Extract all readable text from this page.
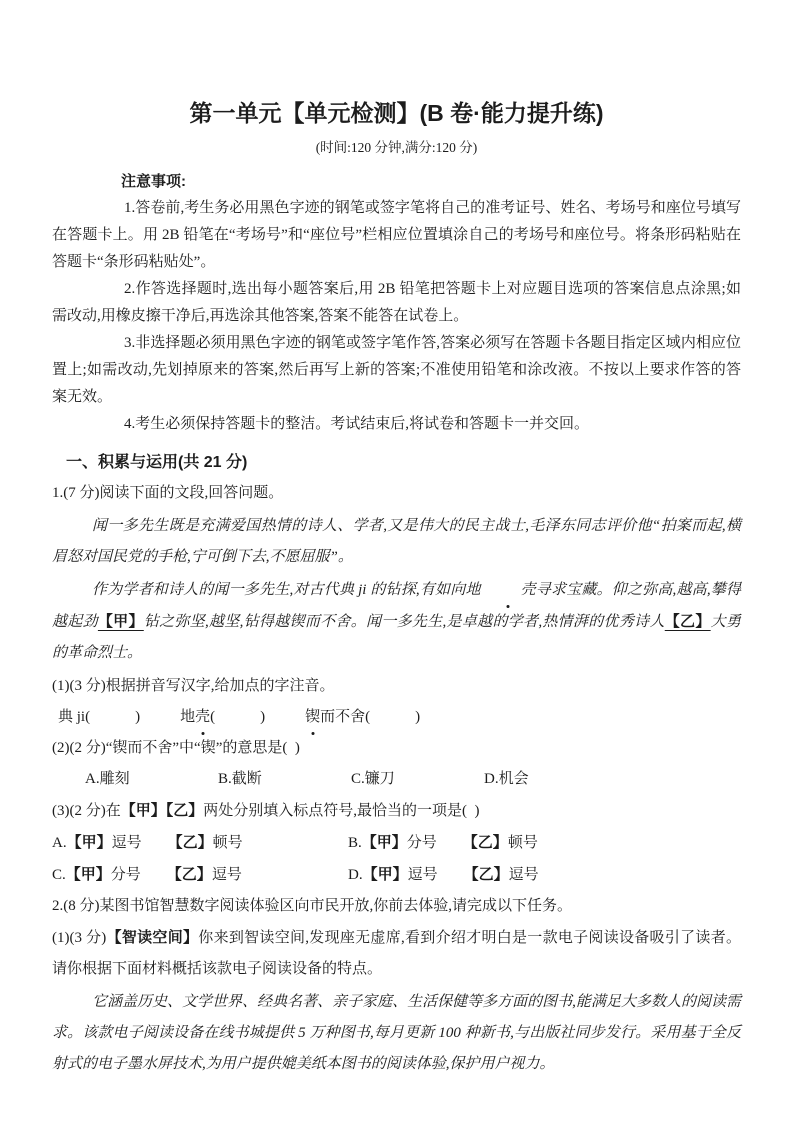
第一单元【单元检测】(B 卷·能力提升练)

(时间:120 分钟,满分:120 分)

注意事项:

1.答卷前,考生务必用黑色字迹的钢笔或签字笔将自己的准考证号、姓名、考场号和座位号填写在答题卡上。用 2B 铅笔在“考场号”和“座位号”栏相应位置填涂自己的考场号和座位号。将条形码粘贴在答题卡“条形码粘贴处”。

2.作答选择题时,选出每小题答案后,用 2B 铅笔把答题卡上对应题目选项的答案信息点涂黑;如需改动,用橡皮擦干净后,再选涂其他答案,答案不能答在试卷上。

3.非选择题必须用黑色字迹的钢笔或签字笔作答,答案必须写在答题卡各题目指定区域内相应位置上;如需改动,先划掉原来的答案,然后再写上新的答案;不准使用铅笔和涂改液。不按以上要求作答的答案无效。

4.考生必须保持答题卡的整洁。考试结束后,将试卷和答题卡一并交回。

一、积累与运用(共 21 分)

1.(7 分)阅读下面的文段,回答问题。

闻一多先生既是充满爱国热情的诗人、学者,又是伟大的民主战士,毛泽东同志评价他“拍案而起,横眉怒对国民党的手枪,宁可倒下去,不愿屈服”。

作为学者和诗人的闻一多先生,对古代典 ji 的钻探,有如向地	壳寻求宝藏。仰之弥高,越高,攀得越起劲【甲】钻之弥坚,越坚,钻得越锲而不舍。闻一多先生,是卓越的学者,热情湃的优秀诗人【乙】大勇的革命烈士。

(1)(3 分)根据拼音写汉字,给加点的字注音。

典 ji(            )	地壳(            )	锲而不舍(            )

(2)(2 分)“锲而不舍”中“锲”的意思是(  )

A.雕刻	B.截断	C.镰刀	D.机会

(3)(2 分)在【甲】【乙】两处分别填入标点符号,最恰当的一项是(  )

A.【甲】逗号 【乙】顿号	B.【甲】分号 【乙】顿号
C.【甲】分号 【乙】逗号	D.【甲】逗号 【乙】逗号

2.(8 分)某图书馆智慧数字阅读体验区向市民开放,你前去体验,请完成以下任务。

(1)(3 分)【智读空间】你来到智读空间,发现座无虚席,看到介绍才明白是一款电子阅读设备吸引了读者。请你根据下面材料概括该款电子阅读设备的特点。

它涵盖历史、文学世界、经典名著、亲子家庭、生活保健等多方面的图书,能满足大多数人的阅读需求。该款电子阅读设备在线书城提供 5 万种图书,每月更新 100 种新书,与出版社同步发行。采用基于全反射式的电子墨水屏技术,为用户提供媲美纸本图书的阅读体验,保护用户视力。
